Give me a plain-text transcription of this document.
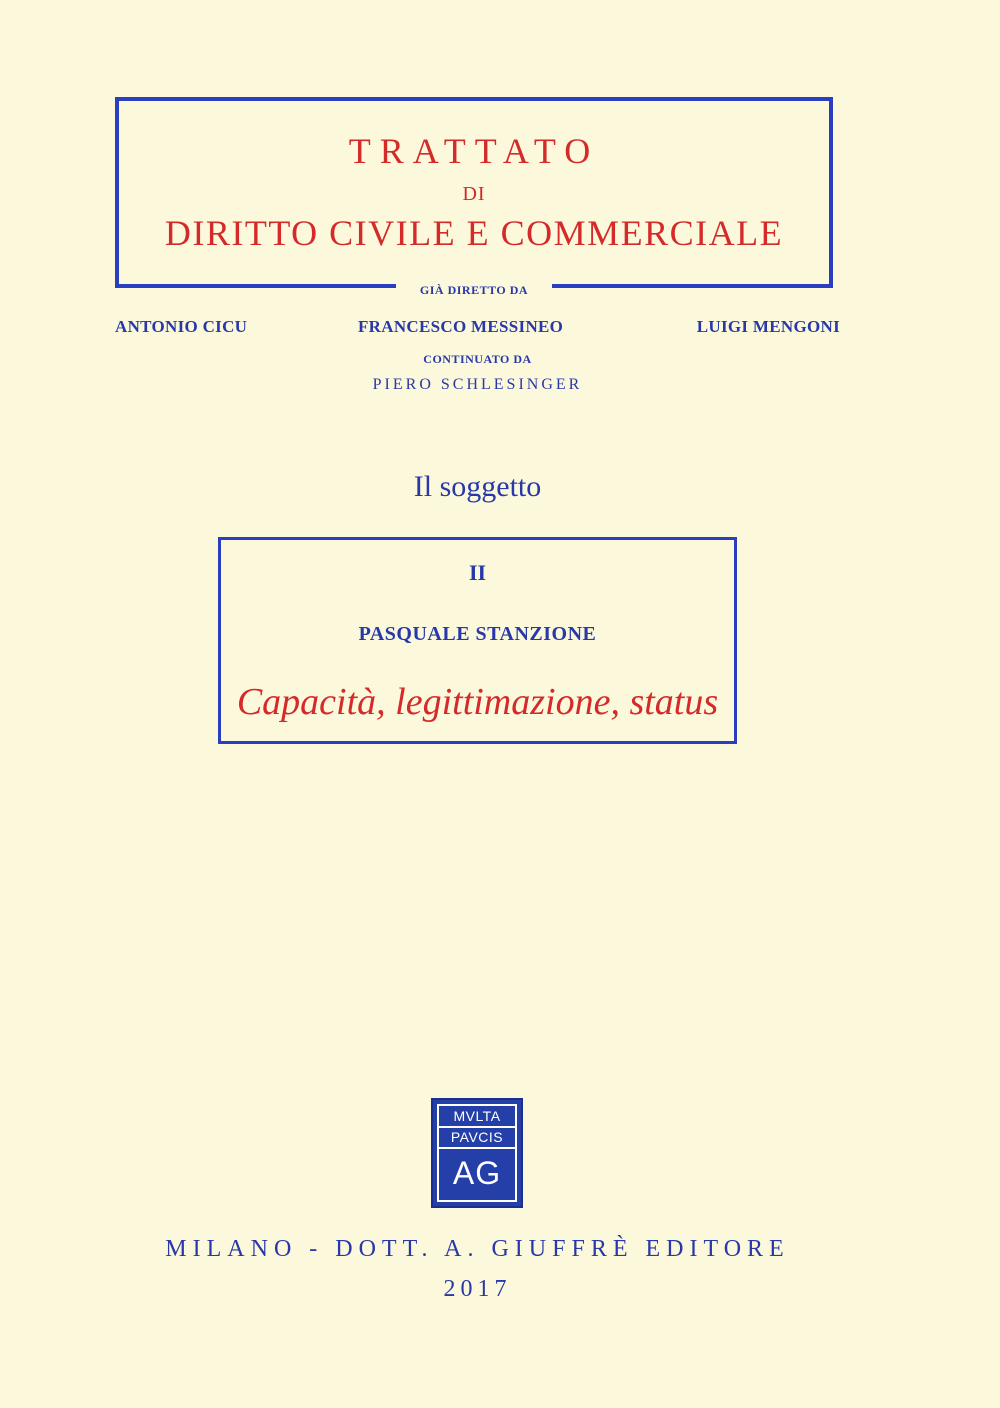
TRATTATO
DI
DIRITTO CIVILE E COMMERCIALE
GIÀ DIRETTO DA
ANTONIO CICU	FRANCESCO MESSINEO	LUIGI MENGONI
CONTINUATO DA
PIERO SCHLESINGER
Il soggetto
II
PASQUALE STANZIONE
Capacità, legittimazione, status
MVLTA
PAVCIS
AG
MILANO - DOTT. A. GIUFFRÈ EDITORE
2017
